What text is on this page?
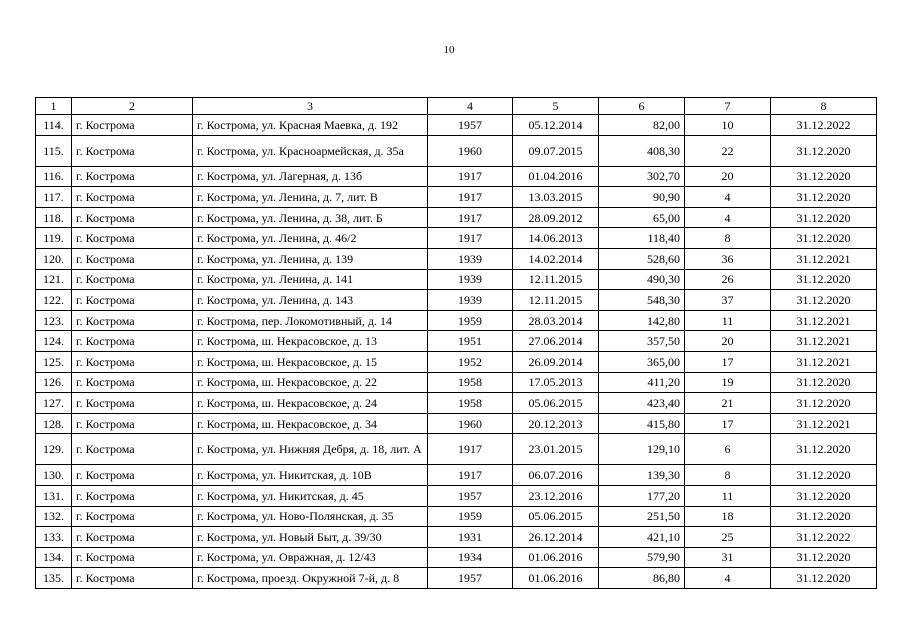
10
1	2	3	4	5	6	7	8
114.	г. Кострома	г. Кострома, ул. Красная Маевка, д. 192	1957	05.12.2014	82,00	10	31.12.2022
115.	г. Кострома	г. Кострома, ул. Красноармейская, д. 35а	1960	09.07.2015	408,30	22	31.12.2020
116.	г. Кострома	г. Кострома, ул. Лагерная, д. 13б	1917	01.04.2016	302,70	20	31.12.2020
117.	г. Кострома	г. Кострома, ул. Ленина, д. 7, лит. В	1917	13.03.2015	90,90	4	31.12.2020
118.	г. Кострома	г. Кострома, ул. Ленина, д. 38, лит. Б	1917	28.09.2012	65,00	4	31.12.2020
119.	г. Кострома	г. Кострома, ул. Ленина, д. 46/2	1917	14.06.2013	118,40	8	31.12.2020
120.	г. Кострома	г. Кострома, ул. Ленина, д. 139	1939	14.02.2014	528,60	36	31.12.2021
121.	г. Кострома	г. Кострома, ул. Ленина, д. 141	1939	12.11.2015	490,30	26	31.12.2020
122.	г. Кострома	г. Кострома, ул. Ленина, д. 143	1939	12.11.2015	548,30	37	31.12.2020
123.	г. Кострома	г. Кострома, пер. Локомотивный, д. 14	1959	28.03.2014	142,80	11	31.12.2021
124.	г. Кострома	г. Кострома, ш. Некрасовское, д. 13	1951	27.06.2014	357,50	20	31.12.2021
125.	г. Кострома	г. Кострома, ш. Некрасовское, д. 15	1952	26.09.2014	365,00	17	31.12.2021
126.	г. Кострома	г. Кострома, ш. Некрасовское, д. 22	1958	17.05.2013	411,20	19	31.12.2020
127.	г. Кострома	г. Кострома, ш. Некрасовское, д. 24	1958	05.06.2015	423,40	21	31.12.2020
128.	г. Кострома	г. Кострома, ш. Некрасовское, д. 34	1960	20.12.2013	415,80	17	31.12.2021
129.	г. Кострома	г. Кострома, ул. Нижняя Дебря, д. 18, лит. А	1917	23.01.2015	129,10	6	31.12.2020
130.	г. Кострома	г. Кострома, ул. Никитская, д. 10В	1917	06.07.2016	139,30	8	31.12.2020
131.	г. Кострома	г. Кострома, ул. Никитская, д. 45	1957	23.12.2016	177,20	11	31.12.2020
132.	г. Кострома	г. Кострома, ул. Ново-Полянская, д. 35	1959	05.06.2015	251,50	18	31.12.2020
133.	г. Кострома	г. Кострома, ул. Новый Быт, д. 39/30	1931	26.12.2014	421,10	25	31.12.2022
134.	г. Кострома	г. Кострома, ул. Овражная, д. 12/43	1934	01.06.2016	579,90	31	31.12.2020
135.	г. Кострома	г. Кострома, проезд. Окружной 7-й, д. 8	1957	01.06.2016	86,80	4	31.12.2020
